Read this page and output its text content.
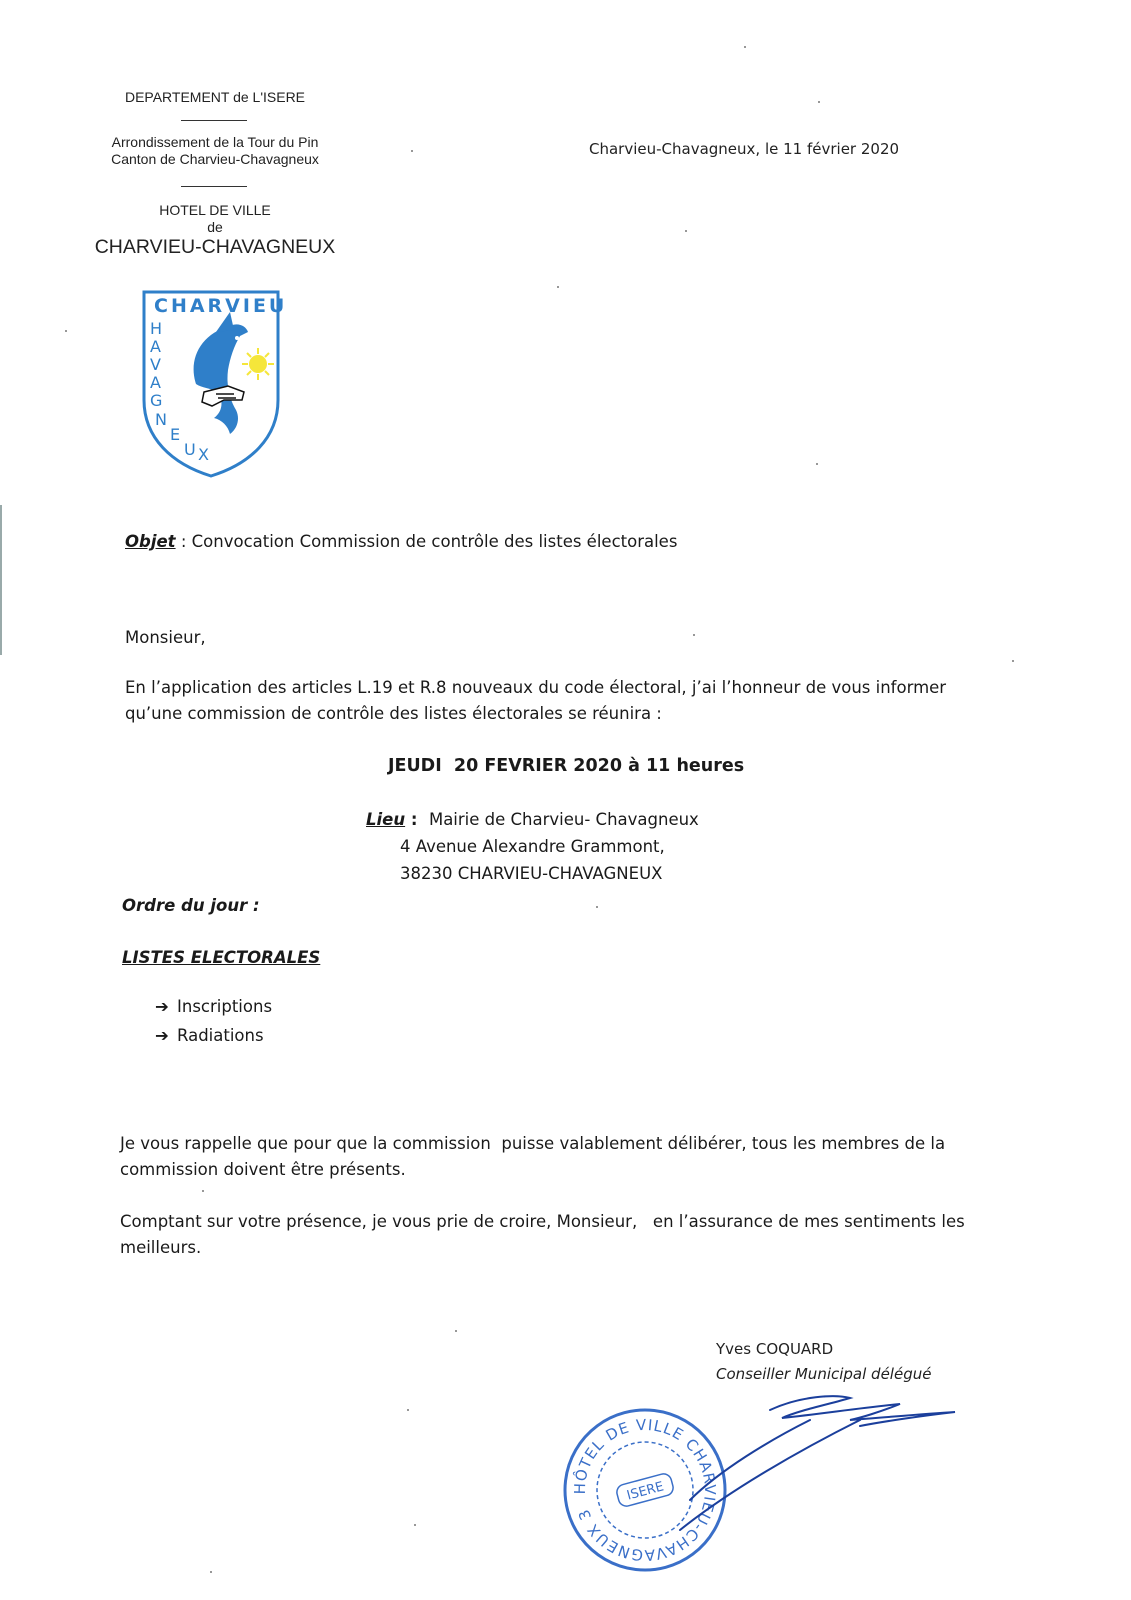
DEPARTEMENT de L'ISERE
Arrondissement de la Tour du Pin
Canton de Charvieu-Chavagneux
HOTEL DE VILLE
de
CHARVIEU-CHAVAGNEUX
CHARVIEU
H
A
V
A
G
N
E
U X
Charvieu-Chavagneux, le 11 février 2020
Objet : Convocation Commission de contrôle des listes électorales
Monsieur,
En l’application des articles L.19 et R.8 nouveaux du code électoral, j’ai l’honneur de vous informer
qu’une commission de contrôle des listes électorales se réunira :
JEUDI  20 FEVRIER 2020 à 11 heures
Lieu :  Mairie de Charvieu- Chavagneux
4 Avenue Alexandre Grammont,
38230 CHARVIEU-CHAVAGNEUX
Ordre du jour :
LISTES ELECTORALES
➔ Inscriptions
➔ Radiations
Je vous rappelle que pour que la commission  puisse valablement délibérer, tous les membres de la
commission doivent être présents.
Comptant sur votre présence, je vous prie de croire, Monsieur,   en l’assurance de mes sentiments les
meilleurs.
Yves COQUARD
Conseiller Municipal délégué
HÔTEL DE VILLE CHARVIEU-CHAVAGNEUX 38230
ISERE
